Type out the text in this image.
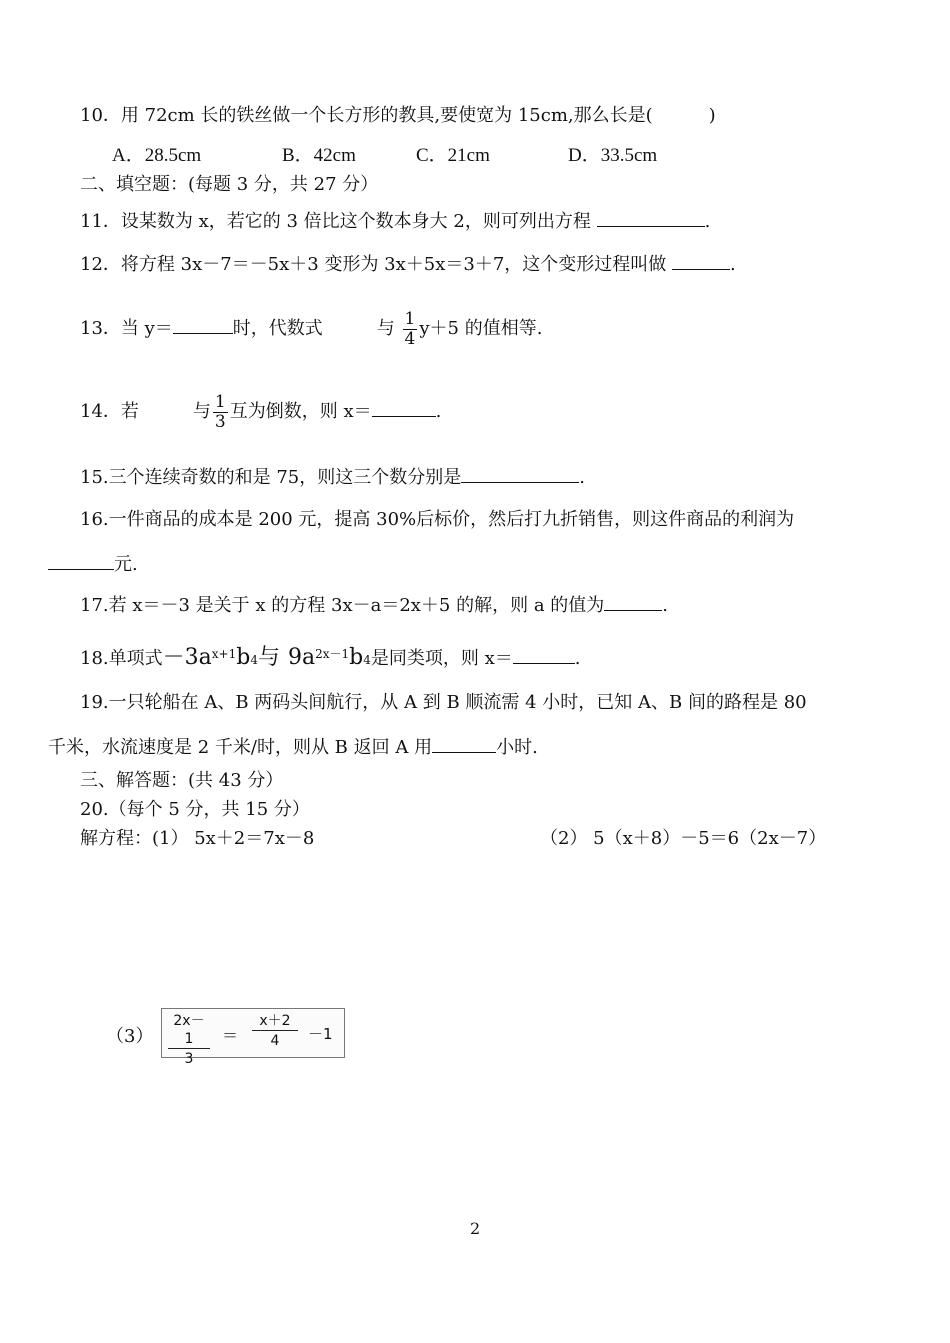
10．用 72cm 长的铁丝做一个长方形的教具,要使宽为 15cm,那么长是(	)
A．28.5cm	B．42cm	C．21cm	D．33.5cm
二、填空题：(每题 3 分，共 27 分）
11．设某数为 x，若它的 3 倍比这个数本身大 2，则可列出方程	.
12．将方程 3x－7＝－5x＋3 变形为 3x＋5x＝3＋7，这个变形过程叫做	.
13．当 y＝	时，代数式	与 $\frac{1}{4} y+5$ 的值相等.
14．若	与 $\frac{1}{3}$ 互为倒数，则 x＝	.
15.三个连续奇数的和是 75，则这三个数分别是	.
16.一件商品的成本是 200 元，提高 30%后标价，然后打九折销售，则这件商品的利润为
元.
17.若 x＝－3 是关于 x 的方程 3x－a＝2x＋5 的解，则 a 的值为	.
18.单项式$-3a^{x+1}b4$与 $9a^{2x-1}b4$是同类项，则 x＝	.
19.一只轮船在 A、B 两码头间航行，从 A 到 B 顺流需 4 小时，已知 A、B 间的路程是 80
千米，水流速度是 2 千米/时，则从 B 返回 A 用	小时.
三、解答题：(共 43 分）
20.（每个 5 分，共 15 分）
解方程：(1） 5x＋2＝7x－8	（2） 5（x＋8）－5＝6（2x－7）
$(3) \frac{2x-1}{3} = \frac{x+2}{4} -1$
2
